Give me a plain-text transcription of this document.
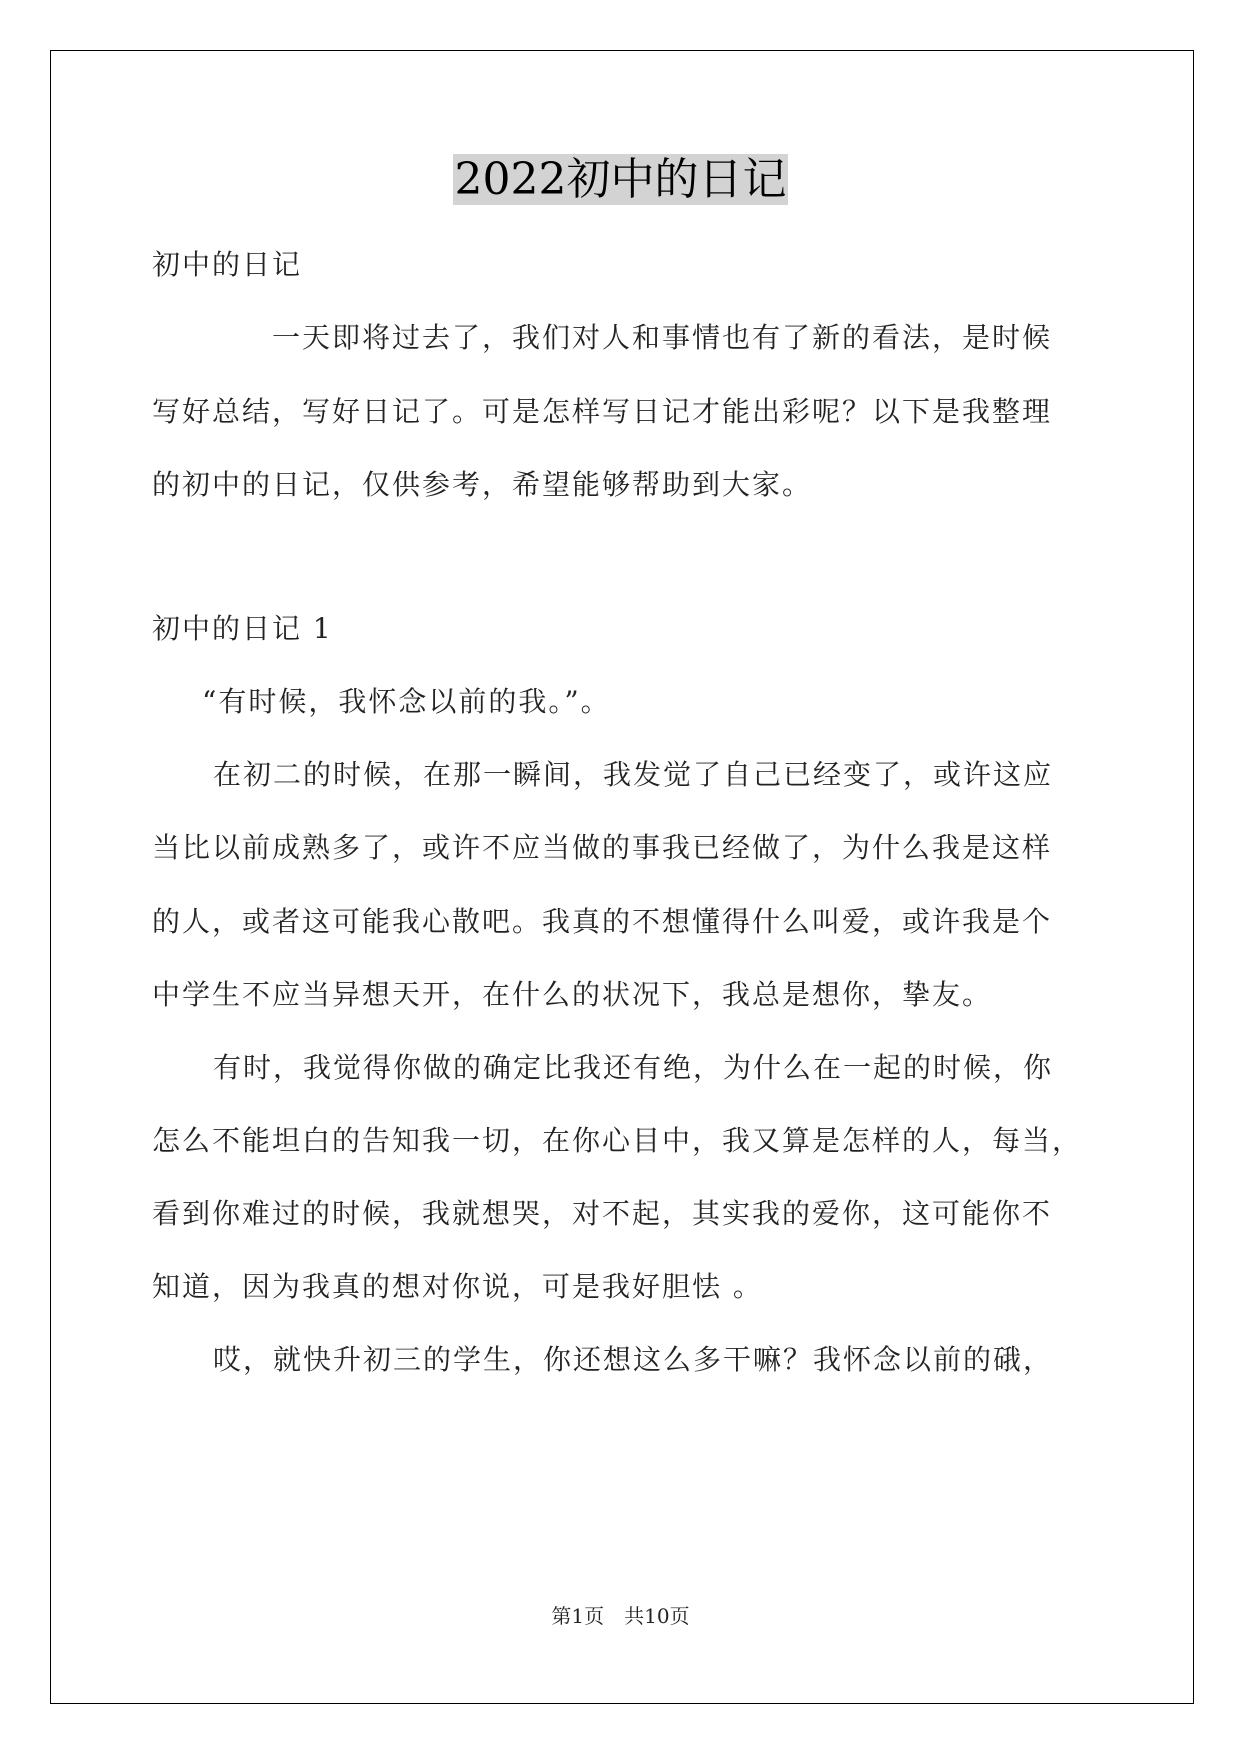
2022初中的日记
初中的日记
一天即将过去了，我们对人和事情也有了新的看法，是时候
写好总结，写好日记了。可是怎样写日记才能出彩呢？以下是我整理
的初中的日记，仅供参考，希望能够帮助到大家。
初中的日记 1
“有时候，我怀念以前的我。”。
在初二的时候，在那一瞬间，我发觉了自己已经变了，或许这应
当比以前成熟多了，或许不应当做的事我已经做了，为什么我是这样
的人，或者这可能我心散吧。我真的不想懂得什么叫爱，或许我是个
中学生不应当异想天开，在什么的状况下，我总是想你，挚友。
有时，我觉得你做的确定比我还有绝，为什么在一起的时候，你
怎么不能坦白的告知我一切，在你心目中，我又算是怎样的人，每当，
看到你难过的时候，我就想哭，对不起，其实我的爱你，这可能你不
知道，因为我真的想对你说，可是我好胆怯 。
哎，就快升初三的学生，你还想这么多干嘛？我怀念以前的硪，
第1页 共10页
